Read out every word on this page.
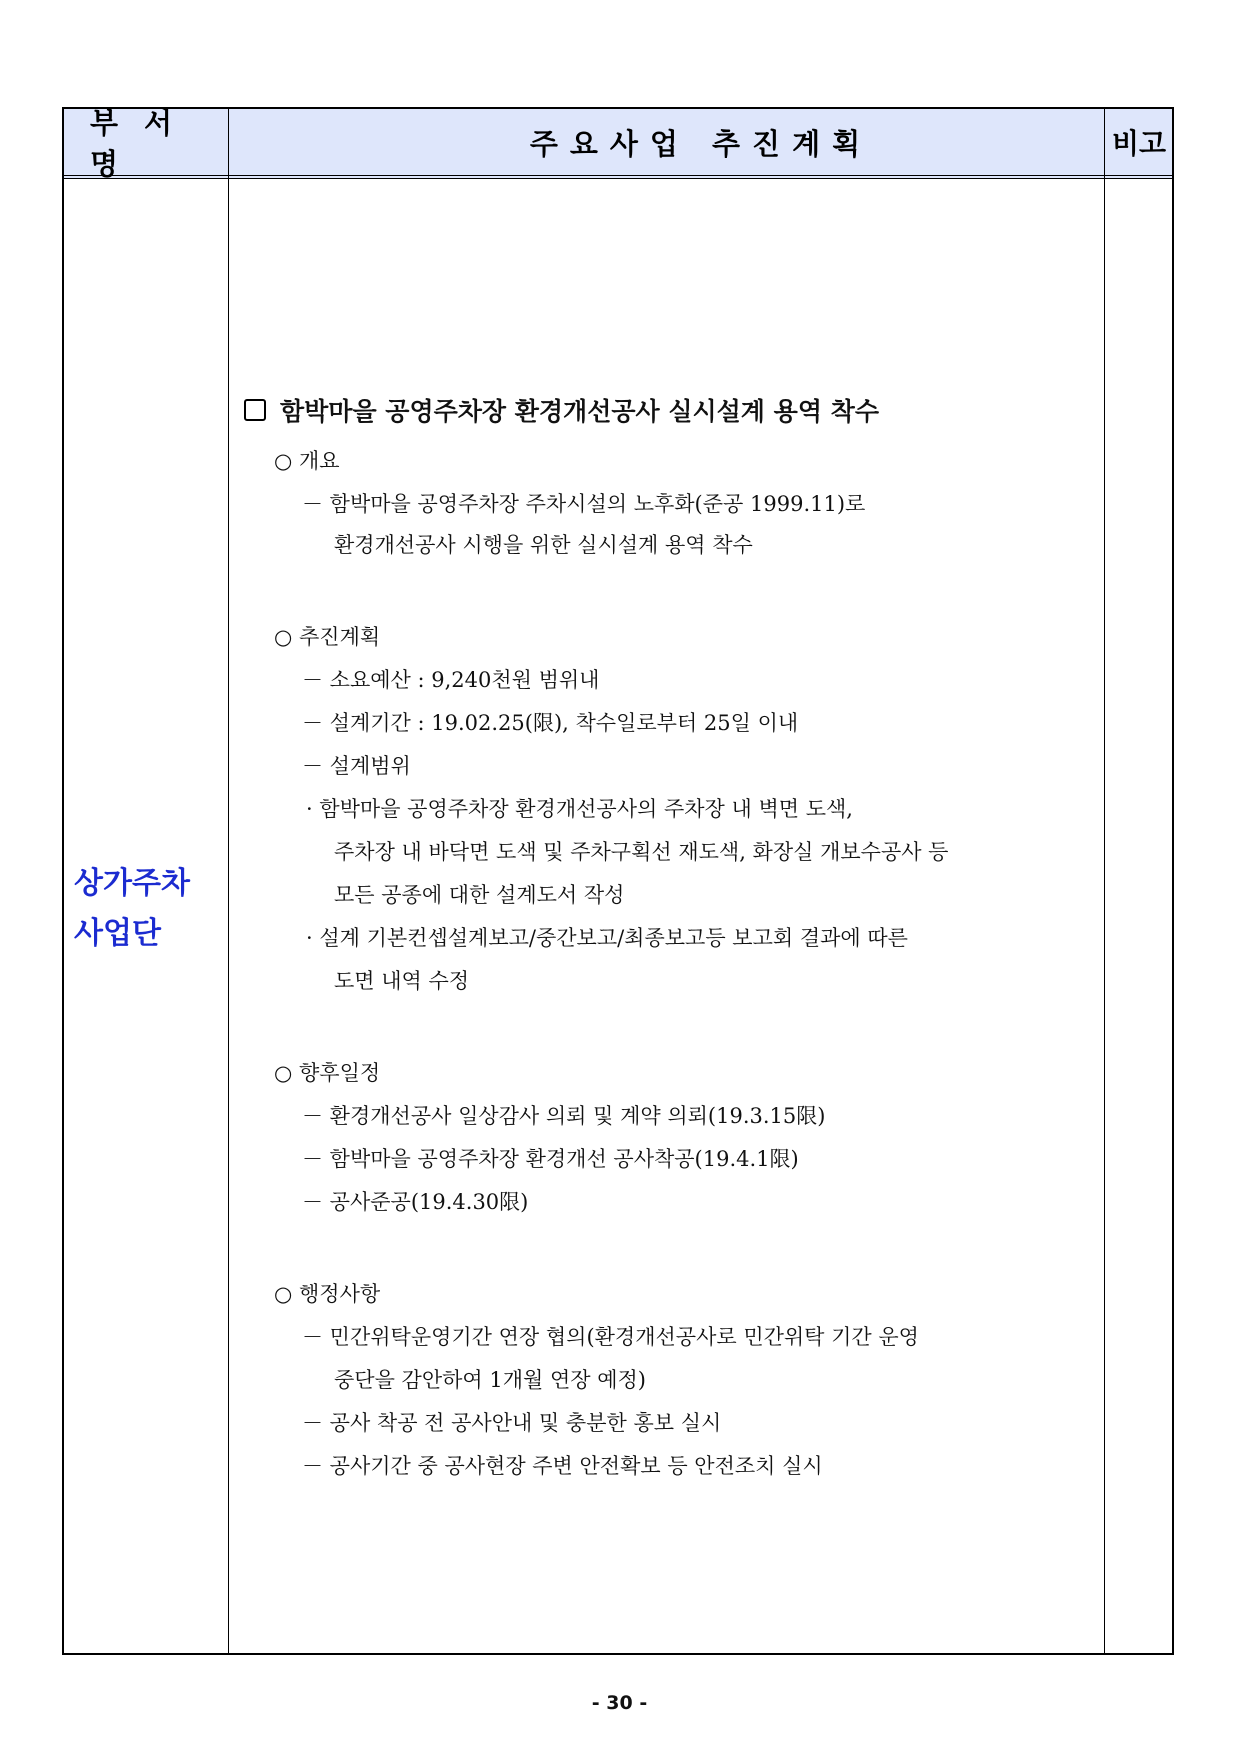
부서명
주요사업 추진계획	비고
상가주차
사업단
함박마을 공영주차장 환경개선공사 실시설계 용역 착수
○ 개요
－ 함박마을 공영주차장 주차시설의 노후화(준공 1999.11)로
환경개선공사 시행을 위한 실시설계 용역 착수
○ 추진계획
－ 소요예산 : 9,240천원 범위내
－ 설계기간 : 19.02.25(限), 착수일로부터 25일 이내
－ 설계범위
· 함박마을 공영주차장 환경개선공사의 주차장 내 벽면 도색,
주차장 내 바닥면 도색 및 주차구획선 재도색, 화장실 개보수공사 등
모든 공종에 대한 설계도서 작성
· 설계 기본컨셉설계보고/중간보고/최종보고등 보고회 결과에 따른
도면 내역 수정
○ 향후일정
－ 환경개선공사 일상감사 의뢰 및 계약 의뢰(19.3.15限)
－ 함박마을 공영주차장 환경개선 공사착공(19.4.1限)
－ 공사준공(19.4.30限)
○ 행정사항
－ 민간위탁운영기간 연장 협의(환경개선공사로 민간위탁 기간 운영
중단을 감안하여 1개월 연장 예정)
－ 공사 착공 전 공사안내 및 충분한 홍보 실시
－ 공사기간 중 공사현장 주변 안전확보 등 안전조치 실시
- 30 -
